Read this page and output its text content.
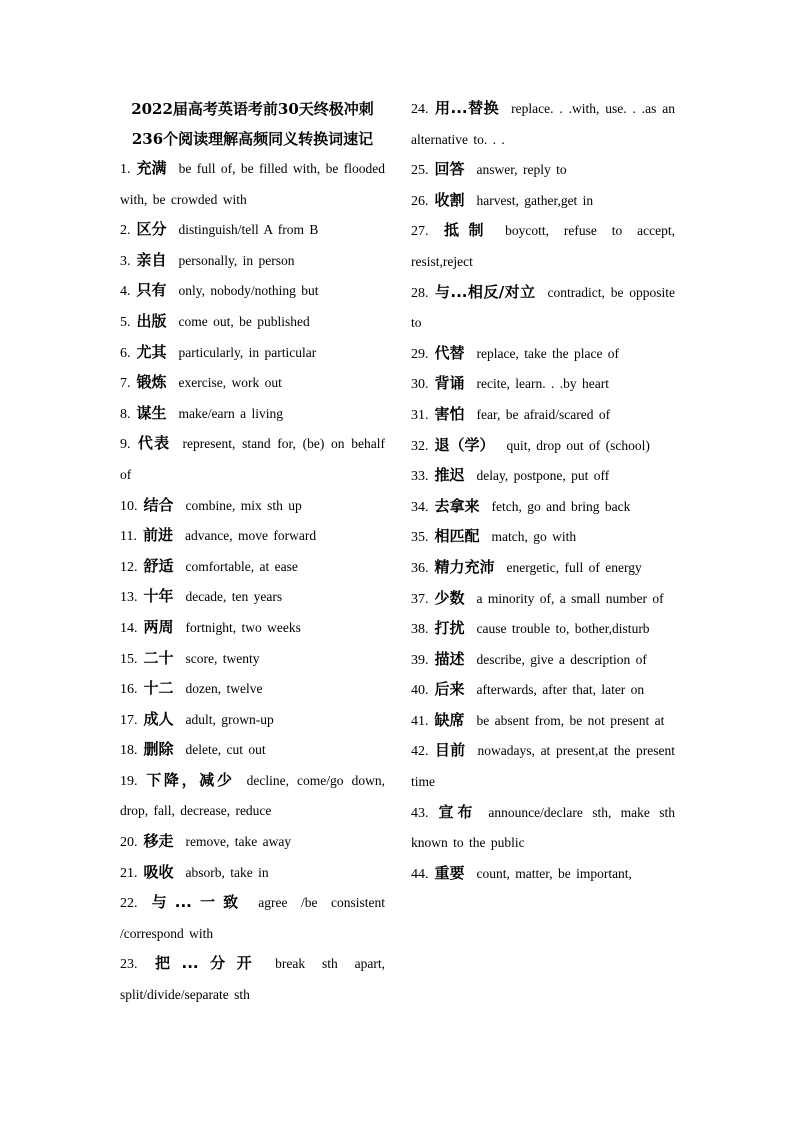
2022届高考英语考前30天终极冲刺
236个阅读理解高频同义转换词速记
1. 充满 be full of, be filled with, be flooded with, be crowded with
2. 区分 distinguish/tell A from B
3. 亲自 personally, in person
4. 只有 only, nobody/nothing but
5. 出版 come out, be published
6. 尤其 particularly, in particular
7. 锻炼 exercise, work out
8. 谋生 make/earn a living
9. 代表 represent, stand for, (be) on behalf of
10. 结合 combine, mix sth up
11. 前进 advance, move forward
12. 舒适 comfortable, at ease
13. 十年 decade, ten years
14. 两周 fortnight, two weeks
15. 二十 score, twenty
16. 十二 dozen, twelve
17. 成人 adult, grown-up
18. 删除 delete, cut out
19. 下降，减少 decline, come/go down, drop, fall, decrease, reduce
20. 移走 remove, take away
21. 吸收 absorb, take in
22. 与...一致 agree /be consistent /correspond with
23. 把...分开 break sth apart, split/divide/separate sth
24. 用...替换 replace. . .with, use. . .as an alternative to. . .
25. 回答 answer, reply to
26. 收割 harvest, gather,get in
27. 抵制 boycott, refuse to accept, resist,reject
28. 与...相反/对立 contradict, be opposite to
29. 代替 replace, take the place of
30. 背诵 recite, learn. . .by heart
31. 害怕 fear, be afraid/scared of
32. 退（学） quit, drop out of (school)
33. 推迟 delay, postpone, put off
34. 去拿来 fetch, go and bring back
35. 相匹配 match, go with
36. 精力充沛 energetic, full of energy
37. 少数 a minority of, a small number of
38. 打扰 cause trouble to, bother,disturb
39. 描述 describe, give a description of
40. 后来 afterwards, after that, later on
41. 缺席 be absent from, be not present at
42. 目前 nowadays, at present,at the present time
43. 宣布 announce/declare sth, make sth known to the public
44. 重要 count, matter, be important,
